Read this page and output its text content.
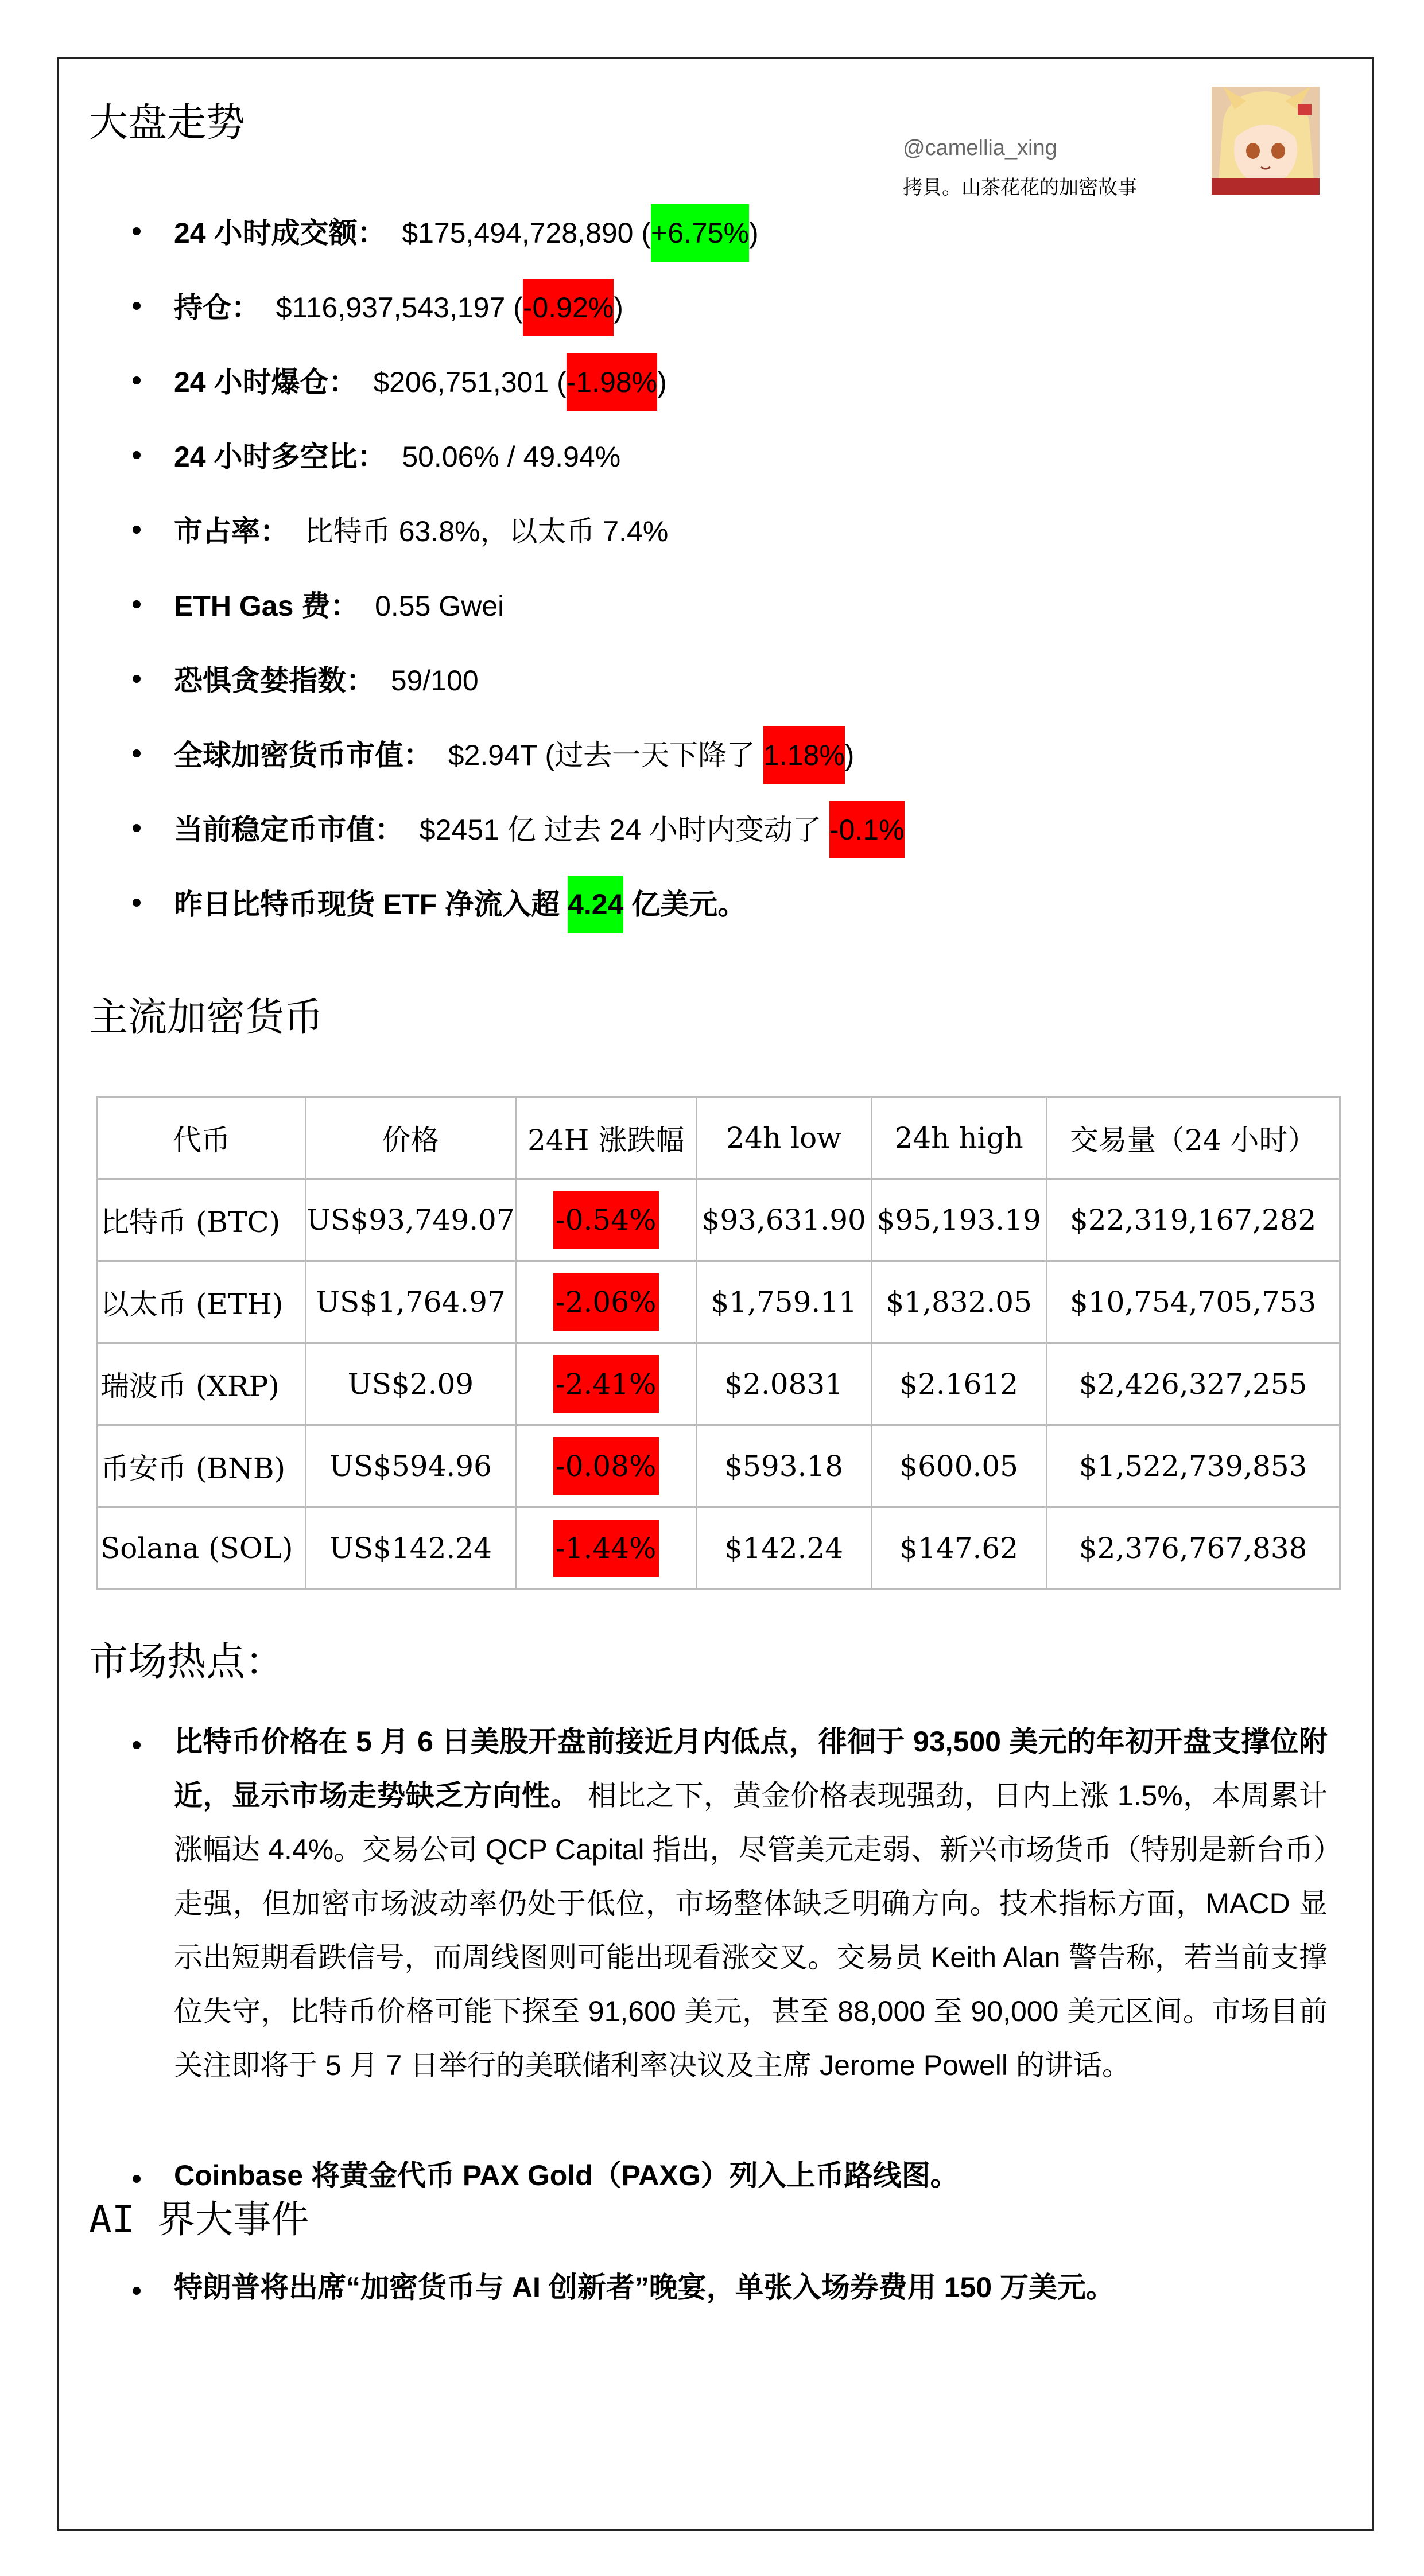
@camellia_xing
拷貝。山茶花花的加密故事
大盘走势
24 小时成交额： $175,494,728,890 (+6.75%)
持仓： $116,937,543,197 (-0.92%)
24 小时爆仓： $206,751,301 (-1.98%)
24 小时多空比： 50.06% / 49.94%
市占率： 比特币 63.8%，以太币 7.4%
ETH Gas 费： 0.55 Gwei
恐惧贪婪指数： 59/100
全球加密货币市值： $2.94T (过去一天下降了 1.18%)
当前稳定币市值： $2451 亿 过去 24 小时内变动了 -0.1%
昨日比特币现货 ETF 净流入超 4.24 亿美元。
主流加密货币
代币	价格	24H 涨跌幅	24h low	24h high	交易量（24 小时）
比特币 (BTC)	US$93,749.07	-0.54%	$93,631.90	$95,193.19	$22,319,167,282
以太币 (ETH)	US$1,764.97	-2.06%	$1,759.11	$1,832.05	$10,754,705,753
瑞波币 (XRP)	US$2.09	-2.41%	$2.0831	$2.1612	$2,426,327,255
币安币 (BNB)	US$594.96	-0.08%	$593.18	$600.05	$1,522,739,853
Solana (SOL)	US$142.24	-1.44%	$142.24	$147.62	$2,376,767,838
市场热点：
比特币价格在 5 月 6 日美股开盘前接近月内低点，徘徊于 93,500 美元的年初开盘支撑位附近，显示市场走势缺乏方向性。 相比之下，黄金价格表现强劲，日内上涨 1.5%，本周累计涨幅达 4.4%。交易公司 QCP Capital 指出，尽管美元走弱、新兴市场货币（特别是新台币）走强，但加密市场波动率仍处于低位，市场整体缺乏明确方向。技术指标方面，MACD 显示出短期看跌信号，而周线图则可能出现看涨交叉。交易员 Keith Alan 警告称，若当前支撑位失守，比特币价格可能下探至 91,600 美元，甚至 88,000 至 90,000 美元区间。市场目前关注即将于 5 月 7 日举行的美联储利率决议及主席 Jerome Powell 的讲话。
Coinbase 将黄金代币 PAX Gold（PAXG）列入上币路线图。
AI 界大事件
特朗普将出席“加密货币与 AI 创新者”晚宴，单张入场券费用 150 万美元。
